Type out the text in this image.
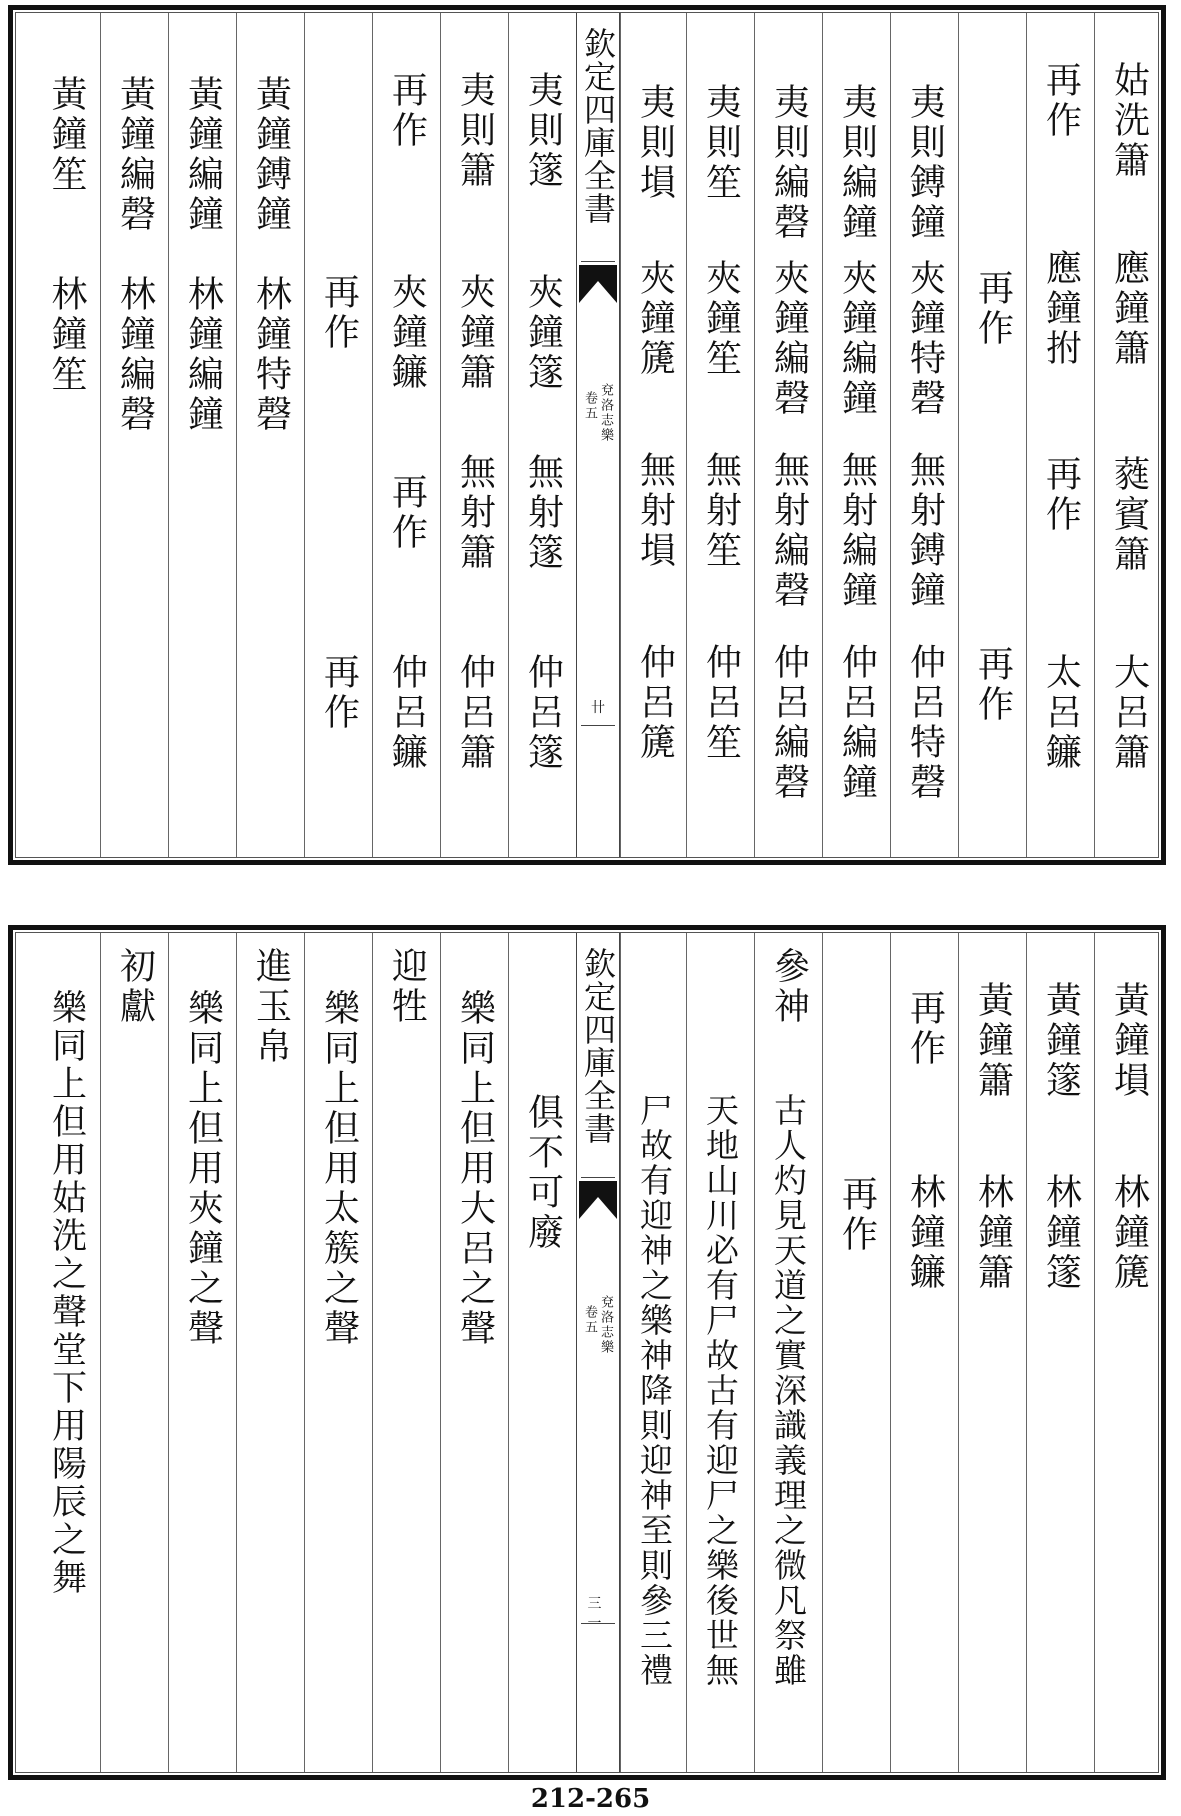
姑洗簫
應鐘簫
蕤賓簫
大呂簫
再作
應鐘拊
再作
太呂䥥
再作
再作
夷則鎛鐘
夾鐘特磬
無射鎛鐘
仲呂特磬
夷則編鐘
夾鐘編鐘
無射編鐘
仲呂編鐘
夷則編磬
夾鐘編磬
無射編磬
仲呂編磬
夷則笙
夾鐘笙
無射笙
仲呂笙
夷則塤
夾鐘篪
無射塤
仲呂篪
欽定四庫全書
兗洛志樂
卷五
卄
夷則篴
夾鐘篴
無射篴
仲呂篴
夷則簫
夾鐘簫
無射簫
仲呂簫
再作
夾鐘䥥
再作
仲呂䥥
再作
再作
黃鐘鎛鐘
林鐘特磬
黃鐘編鐘
林鐘編鐘
黃鐘編磬
林鐘編磬
黃鐘笙
林鐘笙
黃鐘塤
林鐘篪
黃鐘篴
林鐘篴
黃鐘簫
林鐘簫
再作
林鐘䥥
再作
參神
古人灼見天道之實深識義理之微凡祭雖
天地山川必有尸故古有迎尸之樂後世無
尸故有迎神之樂神降則迎神至則參三禮
欽定四庫全書
兗洛志樂
卷五
三一
俱不可廢
樂同上但用大呂之聲
迎牲
樂同上但用太簇之聲
進玉帛
樂同上但用夾鐘之聲
初獻
樂同上但用姑洗之聲堂下用陽辰之舞
212-265
